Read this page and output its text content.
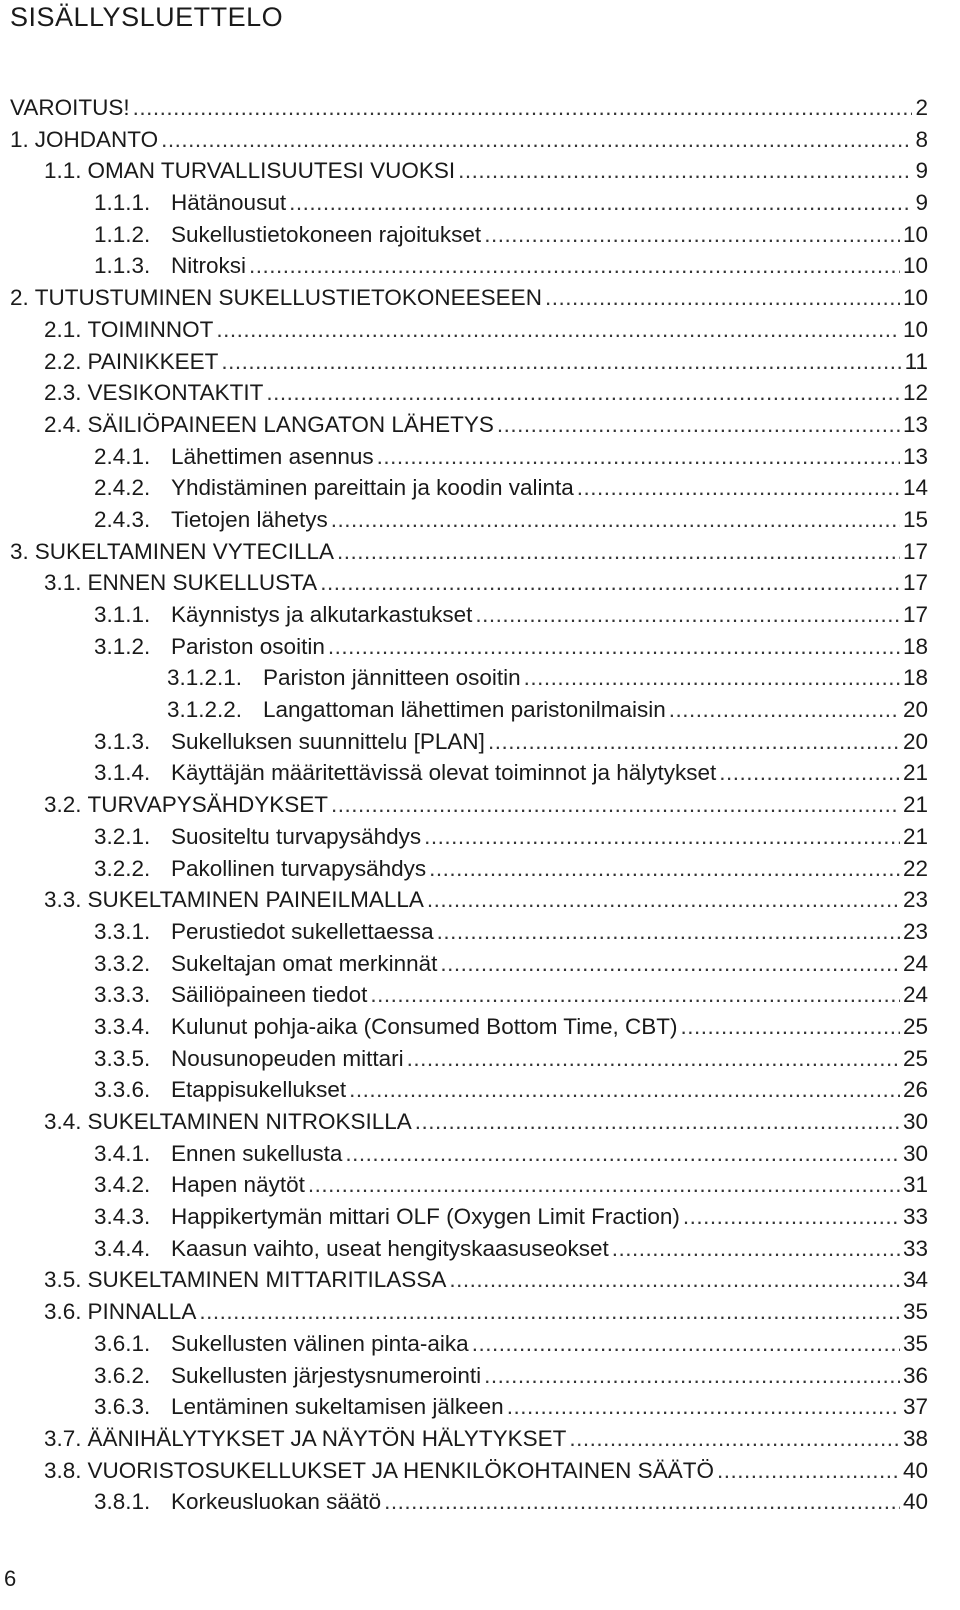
SISÄLLYSLUETTELO
VAROITUS! .....	2
1. JOHDANTO .....	8
1.1. OMAN TURVALLISUUTESI VUOKSI .....	9
1.1.1. Hätänousut .....	9
1.1.2. Sukellustietokoneen rajoitukset .....	10
1.1.3. Nitroksi .....	10
2. TUTUSTUMINEN SUKELLUSTIETOKONEESEEN .....	10
2.1. TOIMINNOT .....	10
2.2. PAINIKKEET .....	11
2.3. VESIKONTAKTIT .....	12
2.4. SÄILIÖPAINEEN LANGATON LÄHETYS .....	13
2.4.1. Lähettimen asennus .....	13
2.4.2. Yhdistäminen pareittain ja koodin valinta .....	14
2.4.3. Tietojen lähetys .....	15
3. SUKELTAMINEN VYTECILLA .....	17
3.1. ENNEN SUKELLUSTA .....	17
3.1.1. Käynnistys ja alkutarkastukset .....	17
3.1.2. Pariston osoitin .....	18
3.1.2.1. Pariston jännitteen osoitin .....	18
3.1.2.2. Langattoman lähettimen paristonilmaisin .....	20
3.1.3. Sukelluksen suunnittelu [PLAN] .....	20
3.1.4. Käyttäjän määritettävissä olevat toiminnot ja hälytykset .....	21
3.2. TURVAPYSÄHDYKSET .....	21
3.2.1. Suositeltu turvapysähdys .....	21
3.2.2. Pakollinen turvapysähdys .....	22
3.3. SUKELTAMINEN PAINEILMALLA .....	23
3.3.1. Perustiedot sukellettaessa .....	23
3.3.2. Sukeltajan omat merkinnät .....	24
3.3.3. Säiliöpaineen tiedot .....	24
3.3.4. Kulunut pohja-aika (Consumed Bottom Time, CBT) .....	25
3.3.5. Nousunopeuden mittari .....	25
3.3.6. Etappisukellukset .....	26
3.4. SUKELTAMINEN NITROKSILLA .....	30
3.4.1. Ennen sukellusta .....	30
3.4.2. Hapen näytöt .....	31
3.4.3. Happikertymän mittari OLF (Oxygen Limit Fraction) .....	33
3.4.4. Kaasun vaihto, useat hengityskaasuseokset .....	33
3.5. SUKELTAMINEN MITTARITILASSA .....	34
3.6. PINNALLA .....	35
3.6.1. Sukellusten välinen pinta-aika .....	35
3.6.2. Sukellusten järjestysnumerointi .....	36
3.6.3. Lentäminen sukeltamisen jälkeen .....	37
3.7. ÄÄNIHÄLYTYKSET JA NÄYTÖN HÄLYTYKSET .....	38
3.8. VUORISTOSUKELLUKSET JA HENKILÖKOHTAINEN SÄÄTÖ .....	40
3.8.1. Korkeusluokan säätö .....	40
6
